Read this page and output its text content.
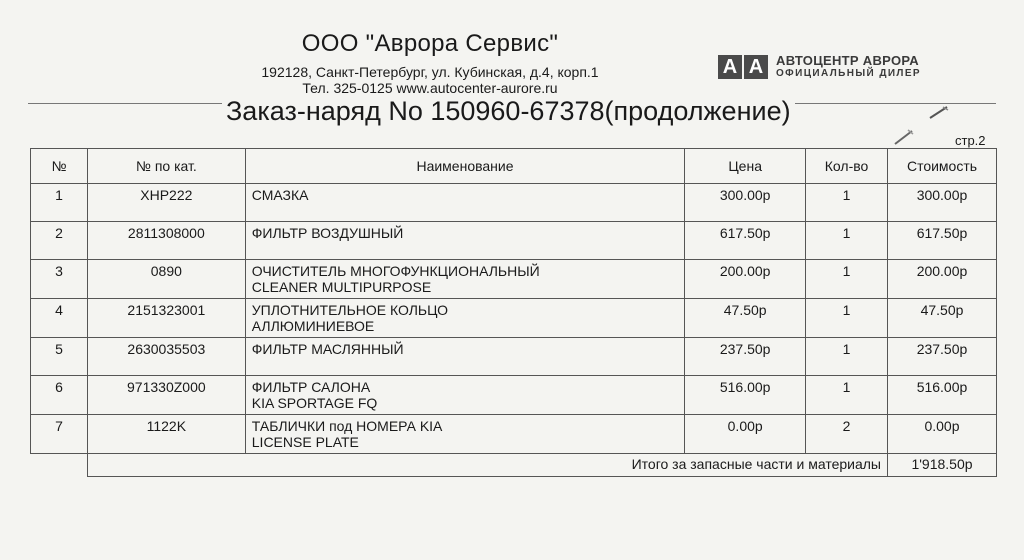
ООО "Аврора Сервис"
192128, Санкт-Петербург, ул. Кубинская, д.4, корп.1
Тел. 325-0125 www.autocenter-aurore.ru
A A АВТОЦЕНТР АВРОРА
ОФИЦИАЛЬНЫЙ ДИЛЕР
Заказ-наряд No 150960-67378(продолжение)
стр.2
№	№ по кат.	Наименование	Цена	Кол-во	Стоимость
1	XHP222	СМАЗКА	300.00р	1	300.00р
2	2811308000	ФИЛЬТР ВОЗДУШНЫЙ	617.50р	1	617.50р
3	0890	ОЧИСТИТЕЛЬ МНОГОФУНКЦИОНАЛЬНЫЙ
CLEANER MULTIPURPOSE	200.00р	1	200.00р
4	2151323001	УПЛОТНИТЕЛЬНОЕ КОЛЬЦО
АЛЛЮМИНИЕВОЕ	47.50р	1	47.50р
5	2630035503	ФИЛЬТР МАСЛЯННЫЙ	237.50р	1	237.50р
6	971330Z000	ФИЛЬТР САЛОНА
KIA SPORTAGE FQ	516.00р	1	516.00р
7	1122K	ТАБЛИЧКИ под НОМЕРА KIA
LICENSE PLATE	0.00р	2	0.00р
	Итого за запасные части и материалы				1'918.50р
